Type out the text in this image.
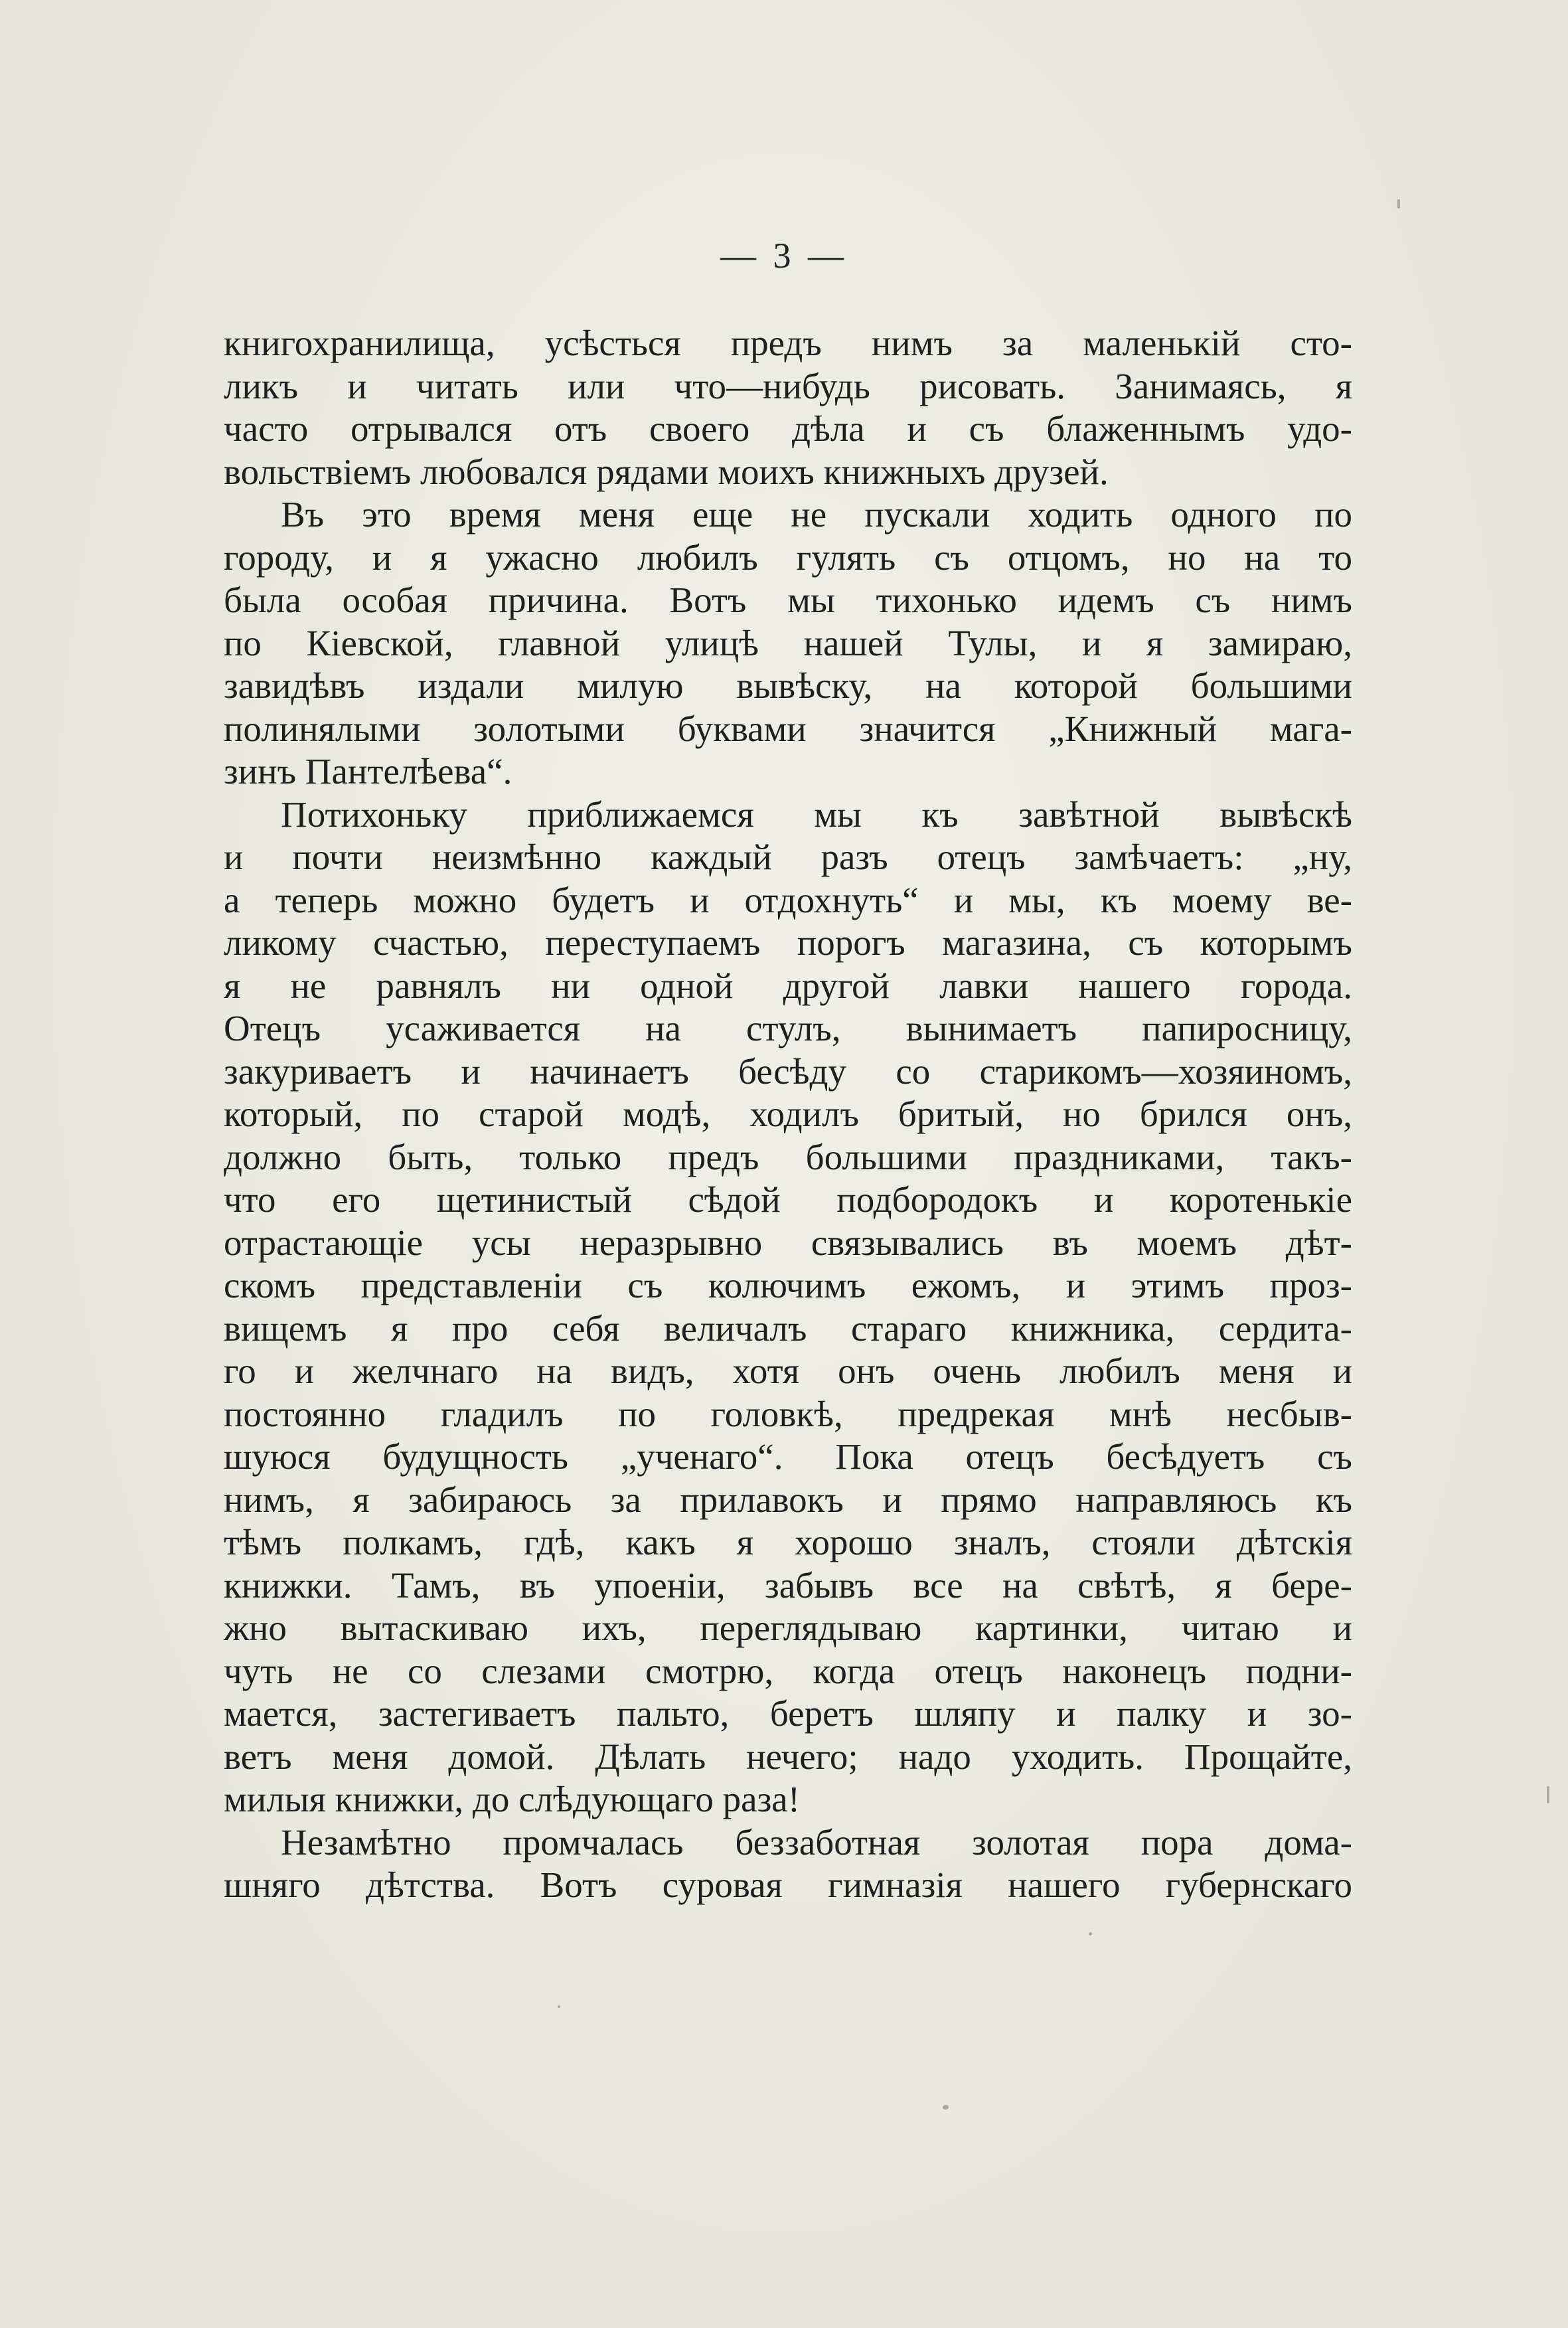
— 3 —
книгохранилища, усѣсться предъ нимъ за маленькій сто-
ликъ и читать или что—нибудь рисовать. Занимаясь, я
часто отрывался отъ своего дѣла и съ блаженнымъ удо-
вольствіемъ любовался рядами моихъ книжныхъ друзей.
Въ это время меня еще не пускали ходить одного по
городу, и я ужасно любилъ гулять съ отцомъ, но на то
была особая причина. Вотъ мы тихонько идемъ съ нимъ
по Кіевской, главной улицѣ нашей Тулы, и я замираю,
завидѣвъ издали милую вывѣску, на которой большими
полинялыми золотыми буквами значится „Книжный мага-
зинъ Пантелѣева“.
Потихоньку приближаемся мы къ завѣтной вывѣскѣ
и почти неизмѣнно каждый разъ отецъ замѣчаетъ: „ну,
а теперь можно будетъ и отдохнуть“ и мы, къ моему ве-
ликому счастью, переступаемъ порогъ магазина, съ которымъ
я не равнялъ ни одной другой лавки нашего города.
Отецъ усаживается на стулъ, вынимаетъ папиросницу,
закуриваетъ и начинаетъ бесѣду со старикомъ—хозяиномъ,
который, по старой модѣ, ходилъ бритый, но брился онъ,
должно быть, только предъ большими праздниками, такъ-
что его щетинистый сѣдой подбородокъ и коротенькіе
отрастающіе усы неразрывно связывались въ моемъ дѣт-
скомъ представленіи съ колючимъ ежомъ, и этимъ проз-
вищемъ я про себя величалъ стараго книжника, сердита-
го и желчнаго на видъ, хотя онъ очень любилъ меня и
постоянно гладилъ по головкѣ, предрекая мнѣ несбыв-
шуюся будущность „ученаго“. Пока отецъ бесѣдуетъ съ
нимъ, я забираюсь за прилавокъ и прямо направляюсь къ
тѣмъ полкамъ, гдѣ, какъ я хорошо зналъ, стояли дѣтскія
книжки. Тамъ, въ упоеніи, забывъ все на свѣтѣ, я бере-
жно вытаскиваю ихъ, переглядываю картинки, читаю и
чуть не со слезами смотрю, когда отецъ наконецъ подни-
мается, застегиваетъ пальто, беретъ шляпу и палку и зо-
ветъ меня домой. Дѣлать нечего; надо уходить. Прощайте,
милыя книжки, до слѣдующаго раза!
Незамѣтно промчалась беззаботная золотая пора дома-
шняго дѣтства. Вотъ суровая гимназія нашего губернскаго
